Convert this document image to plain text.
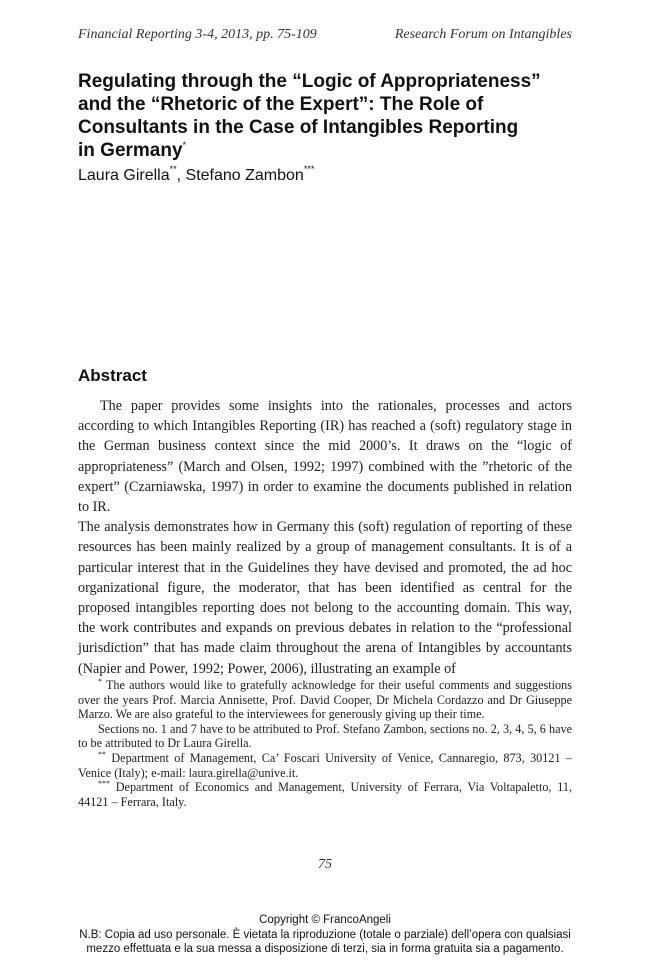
Financial Reporting 3-4, 2013, pp. 75-109	Research Forum on Intangibles
Regulating through the “Logic of Appropriateness”
and the “Rhetoric of the Expert”: The Role of
Consultants in the Case of Intangibles Reporting
in Germany*
Laura Girella**, Stefano Zambon***
Abstract

The paper provides some insights into the rationales, processes and actors according to which Intangibles Reporting (IR) has reached a (soft) regulatory stage in the German business context since the mid 2000’s. It draws on the “logic of appropriateness” (March and Olsen, 1992; 1997) combined with the ”rhetoric of the expert” (Czarniawska, 1997) in order to examine the documents published in relation to IR.

The analysis demonstrates how in Germany this (soft) regulation of reporting of these resources has been mainly realized by a group of management consultants. It is of a particular interest that in the Guidelines they have devised and promoted, the ad hoc organizational figure, the moderator, that has been identified as central for the proposed intangibles reporting does not belong to the accounting domain. This way, the work contributes and expands on previous debates in relation to the “professional jurisdiction” that has made claim throughout the arena of Intangibles by accountants (Napier and Power, 1992; Power, 2006), illustrating an example of

* The authors would like to gratefully acknowledge for their useful comments and suggestions over the years Prof. Marcia Annisette, Prof. David Cooper, Dr Michela Cordazzo and Dr Giuseppe Marzo. We are also grateful to the interviewees for generously giving up their time.

Sections no. 1 and 7 have to be attributed to Prof. Stefano Zambon, sections no. 2, 3, 4, 5, 6 have to be attributed to Dr Laura Girella.

** Department of Management, Ca’ Foscari University of Venice, Cannaregio, 873, 30121 – Venice (Italy); e-mail: laura.girella@unive.it.

*** Department of Economics and Management, University of Ferrara, Via Voltapaletto, 11, 44121 – Ferrara, Italy.

75
Copyright © FrancoAngeli
N.B: Copia ad uso personale. È vietata la riproduzione (totale o parziale) dell’opera con qualsiasi
mezzo effettuata e la sua messa a disposizione di terzi, sia in forma gratuita sia a pagamento.
